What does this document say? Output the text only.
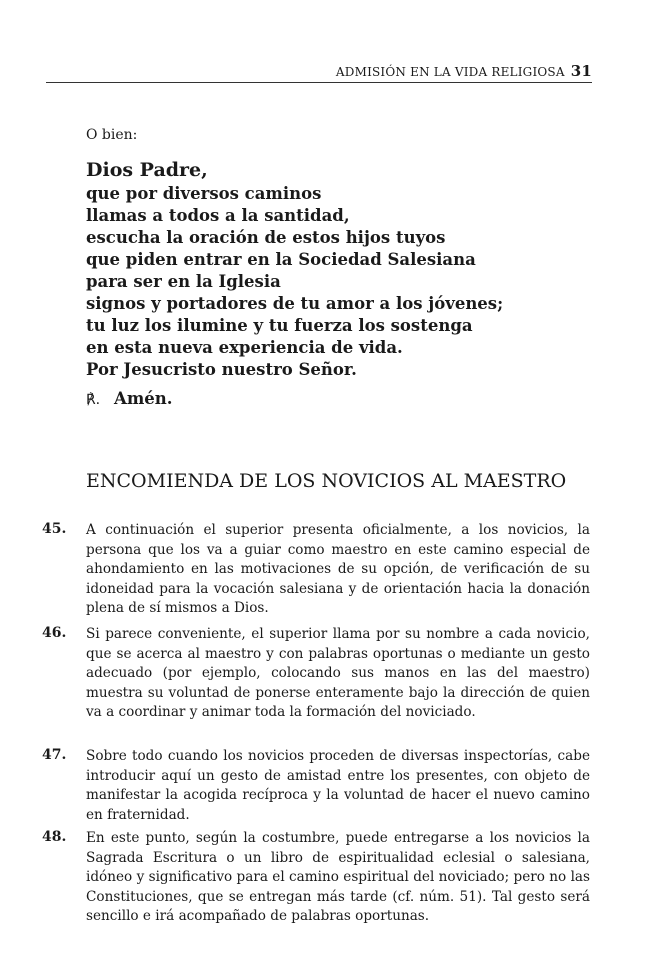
ADMISIÓN EN LA VIDA RELIGIOSA 31
O bien:
Dios Padre,
que por diversos caminos
llamas a todos a la santidad,
escucha la oración de estos hijos tuyos
que piden entrar en la Sociedad Salesiana
para ser en la Iglesia
signos y portadores de tu amor a los jóvenes;
tu luz los ilumine y tu fuerza los sostenga
en esta nueva experiencia de vida.
Por Jesucristo nuestro Señor.
℟. Amén.
ENCOMIENDA DE LOS NOVICIOS AL MAESTRO
45. A continuación el superior presenta oficialmente, a los novicios, la persona que los va a guiar como maestro en este camino especial de ahondamiento en las motivaciones de su opción, de verificación de su idoneidad para la vocación salesiana y de orientación hacia la donación plena de sí mismos a Dios.
46. Si parece conveniente, el superior llama por su nombre a cada novicio, que se acerca al maestro y con palabras oportunas o mediante un gesto adecuado (por ejemplo, colocando sus manos en las del maestro) muestra su voluntad de ponerse enteramente bajo la dirección de quien va a coordinar y animar toda la formación del noviciado.
47. Sobre todo cuando los novicios proceden de diversas inspectorías, cabe introducir aquí un gesto de amistad entre los presentes, con objeto de manifestar la acogida recíproca y la voluntad de hacer el nuevo camino en fraternidad.
48. En este punto, según la costumbre, puede entregarse a los novicios la Sagrada Escritura o un libro de espiritualidad eclesial o salesiana, idóneo y significativo para el camino espiritual del noviciado; pero no las Constituciones, que se entregan más tarde (cf. núm. 51). Tal gesto será sencillo e irá acompañado de palabras oportunas.
